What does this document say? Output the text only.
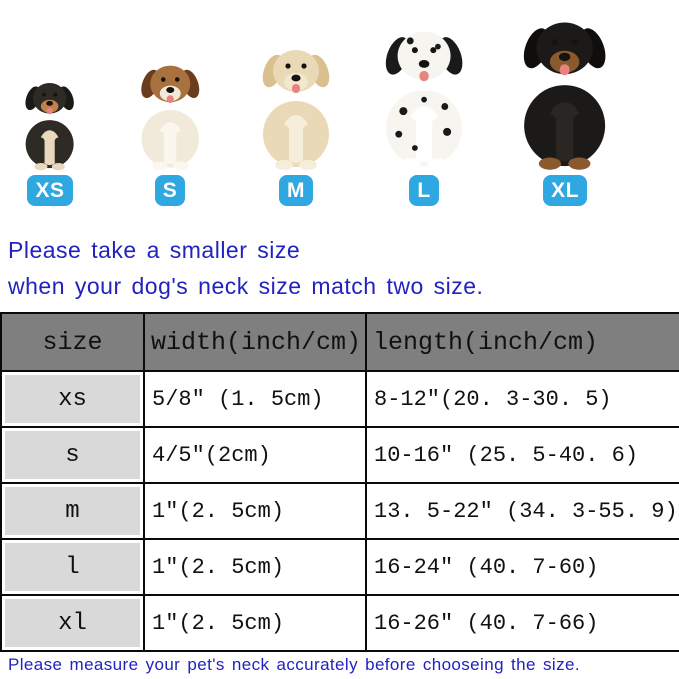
XS	S	M	L	XL
Please take a smaller size
when your dog's neck size match two size.
size	width(inch/cm)	length(inch/cm)

xs	5/8″ (1. 5cm)	8-12″(20. 3-30. 5)

s	4/5″(2cm)	10-16″ (25. 5-40. 6)

m	1″(2. 5cm)	13. 5-22″ (34. 3-55. 9)

l	1″(2. 5cm)	16-24″ (40. 7-60)

xl	1″(2. 5cm)	16-26″ (40. 7-66)
Please measure your pet's neck accurately before chooseing the size.
